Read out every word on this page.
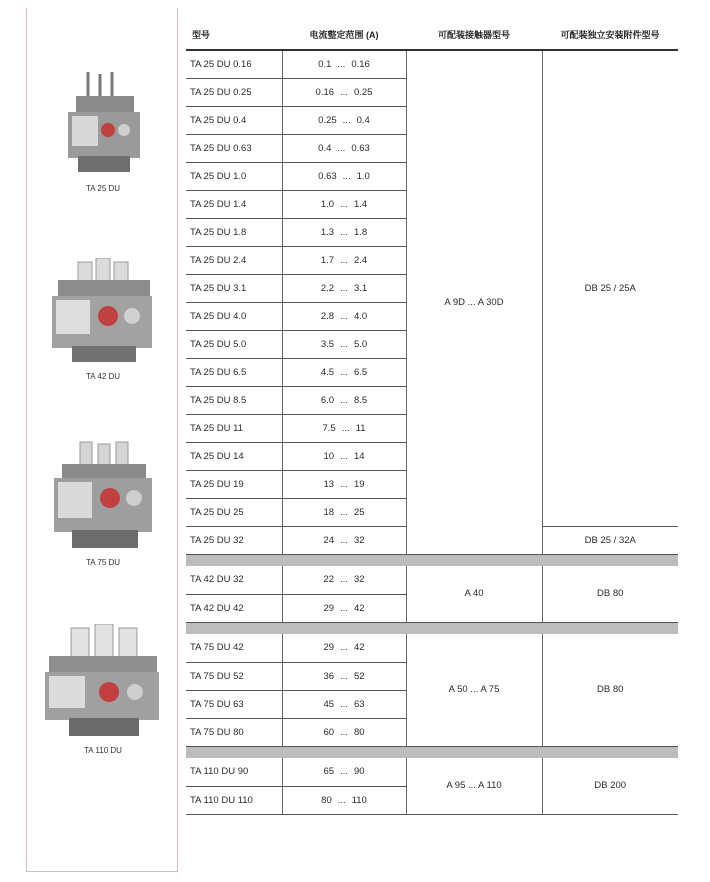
TA 25 DU
TA 42 DU
TA 75 DU
TA 110 DU
型号	电流整定范围 (A)	可配装接触器型号	可配装独立安装附件型号
TA 25 DU 0.16	0.1 ... 0.16	A 9D ... A 30D	DB 25 / 25A
TA 25 DU 0.25	0.16 ... 0.25		
TA 25 DU 0.4	0.25 ... 0.4		
TA 25 DU 0.63	0.4 ... 0.63		
TA 25 DU 1.0	0.63 ... 1.0		
TA 25 DU 1.4	1.0 ... 1.4		
TA 25 DU 1.8	1.3 ... 1.8		
TA 25 DU 2.4	1.7 ... 2.4		
TA 25 DU 3.1	2.2 ... 3.1		
TA 25 DU 4.0	2.8 ... 4.0		
TA 25 DU 5.0	3.5 ... 5.0		
TA 25 DU 6.5	4.5 ... 6.5		
TA 25 DU 8.5	6.0 ... 8.5		
TA 25 DU 11	7.5 ... 11		
TA 25 DU 14	10 ... 14		
TA 25 DU 19	13 ... 19		
TA 25 DU 25	18 ... 25		
TA 25 DU 32	24 ... 32		DB 25 / 32A

TA 42 DU 32	22 ... 32	A 40	DB 80
TA 42 DU 42	29 ... 42		

TA 75 DU 42	29 ... 42	A 50 ... A 75	DB 80
TA 75 DU 52	36 ... 52		
TA 75 DU 63	45 ... 63		
TA 75 DU 80	60 ... 80		

TA 110 DU 90	65 ... 90	A 95 ... A 110	DB 200
TA 110 DU 110	80 ... 110		
